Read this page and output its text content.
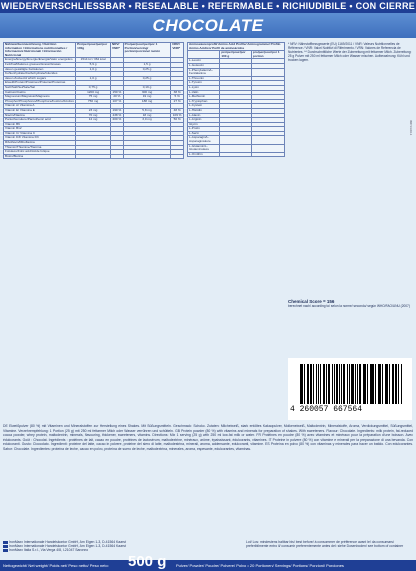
WIEDERVERSCHLIESSBAR • RESEALABLE • REFERMABLE • RICHIUDIBILE • CON CIERRE
CHOCOLATE
Nährwertkennzeichnung / Nutrition information / Informations nutritionnelles / Informazioni Nutrizionali / Información Nutricional	Pro/per/pour/per/por 100g	NRV/ VNR*	Pro/per/pour/per/por 1 Portion/serving/ portion/porzione/ ración	NRV/ VNR*
Energie/Energy/Énergie/Energia/Valor energético	1514 kJ / 362 kcal			
Fett/Fat/Matières grasses/Grassi/Grasas	5,9 g		1,5 g	
davon gesättigte Fettsäuren	1,0 g		0,25 g	
Kohlenhydrate/Carbohydrate/Glucides				
davon Zucker/of which sugars	1,0 g		0,25 g	
Eiweiß/Protein/Protéines/Proteine/Proteínas				
Salz/Salt/Sel/Sale/Sal	0,75 g		0,19 g	
Calcium/Calcio	1200 mg	150 %	300 mg	38 %
Magnesium/Magnésio/Magnesio	75 mg	20 %	19 mg	5 %
Phosphor/Phosphorus/Phosphore/Fosforo/Fósforo	750 mg	107 %	188 mg	27 %
Vitamin A/ Vitamina A				
Vitamin E/ Vitamina E	23 mg	190 %	5,8 mg	48 %
Niacin/Niacina	70 mg	438 %	18 mg	109 %
Pantothensäure/Pantothenic acid	12 mg	200 %	3,0 mg	50 %
Vitamin B6				
Vitamin B12				
Vitamin C/ Vitamina C				
Vitamin D3/ Vitamina D3				
Riboflavin/Riboflavina				
Thiamin/Thiamine/Tiamina				
Folsäure/Folic acid/Acide folique				
Biotin/Biotina				
Aminosäurenprofil/ Amino Acid Profile/ Aminogramme/ Profilo Amino Acidico/ Perfil de aminoácidos		
	pro/per/pour/por 100 g	pro/per/pour/por 1 portion
L-Leucin		
L-Isoleucin		
L-Phenylalanin/L-Fenilalanina		
L-Threonin		
L-Tyrosin		
L-Lysin		
L-Valin		
L-Methionin		
L-Tryptophan		
L-Cystein		
L-Histidin		
L-Alanin		
L-Arginin		
Glycin		
L-Prolin		
L-Serin		
L-Asparagin/L-Asparaginsäure		
L-Glutamin/L-Glutaminsäure		
L-Ornithin		
* NRV: Nährstoffbezugswerte (EU) 1169/2011 / VNR: Valeurs Nutritionnelles de Référence / VNR: Valori Nutritivi di Riferimento / VRN: Valores de Referencia de Nutrientes. ** Durchschnittliche Werte der Zubereitung mit fettarmer Milch. Zubereitung: 25 g Pulver mit 250 ml fettarmer Milch oder Wasser mischen. Aufbewahrung: Kühl und trocken lagern.
Chemical Score = 156
berechnet nach/ according to/ selon la norme/ secondo/ según WHO/FAO/UNU (2007)
4 260057 667564
IMP14.09.1
DE Eiweißpulver (80 %) mit Vitaminen und Mineralstoffen zur Herstellung eines Shakes. Mit Süßungsmitteln. Geschmack: Schoko. Zutaten: Milcheiweiß, stark entöltes Kakaopulver, Molkeneiweiß, Maltodextrin, Mineralstoffe, Aroma, Verdickungsmittel, Süßungsmittel, Vitamine. Verzehrempfehlung: 1 Portion (25 g) mit 250 ml fettarmer Milch oder Wasser verrühren und schütteln. GB Protein powder (80 %) with vitamins and minerals for preparation of shakes. With sweeteners. Flavour: Chocolate. Ingredients: milk protein, fat-reduced cocoa powder, whey protein, maltodextrin, minerals, flavouring, thickener, sweeteners, vitamins. Directions: Mix 1 serving (25 g) with 250 ml low-fat milk or water. FR Protéines en poudre (80 %) avec vitamines et minéraux pour la préparation d'une boisson. Avec édulcorants. Goût : Chocolat. Ingrédients : protéines de lait, cacao en poudre, protéines de lactosérum, maltodextrine, minéraux, arôme, épaississant, édulcorants, vitamines. IT Proteine in polvere (80 %) con vitamine e minerali per la preparazione di una bevanda. Con edulcoranti. Gusto: Cioccolato. Ingredienti: proteine del latte, cacao in polvere, proteine del siero di latte, maltodestrina, minerali, aroma, addensante, edulcoranti, vitamine. ES Proteína en polvo (80 %) con vitaminas y minerales para hacer un batido. Con edulcorantes. Sabor: Chocolate. Ingredientes: proteína de leche, cacao en polvo, proteína de suero de leche, maltodextrina, minerales, aroma, espesante, edulcorantes, vitaminas.
IronMaxx Internationale Handelskontor GmbH, Am Eigen 1-3, D-41564 Kaarst
IronMaxx Internationale Handelskontor GmbH, Am Eigen 1-3, D-41564 Kaarst
IronMaxx Italia S.r.l., Via Verga 4/8, I-21047 Saronno
Lot/ Los: mindestens haltbar bis/ best before/ à consommer de préférence avant le/ da consumarsi preferibilmente entro il/ consumir preferentemente antes del: siehe Dosenboden/ see bottom of container
Nettogewicht/ Net weight/ Poids net/ Peso netto/ Peso neto: 500 g Pulver/ Powder/ Poudre/ Polvere/ Polvo • 20 Portionen/ Servings/ Portions/ Porzioni/ Porciones
